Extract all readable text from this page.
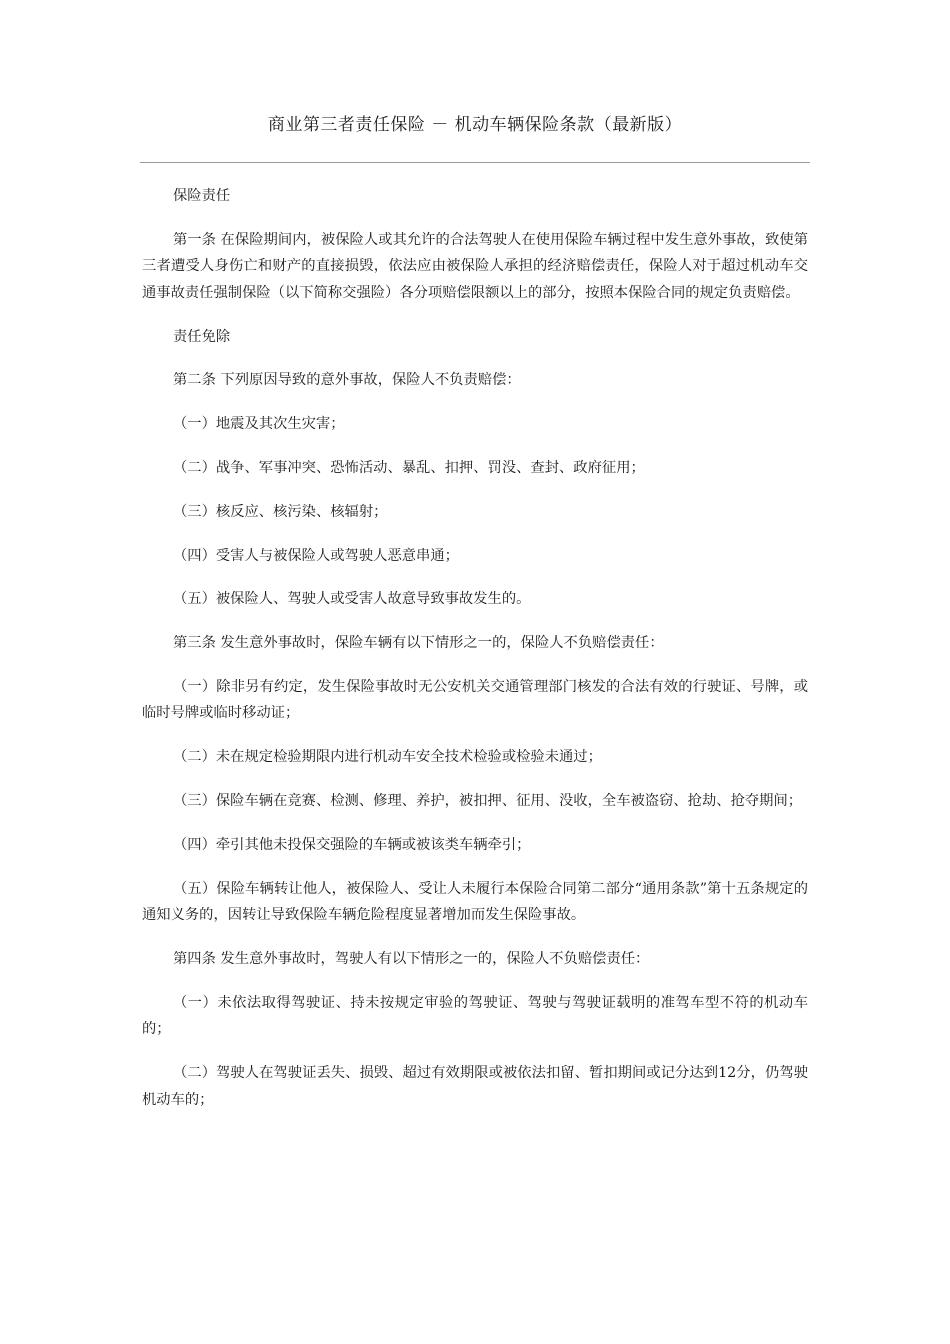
商业第三者责任保险 － 机动车辆保险条款（最新版）

保险责任

第一条 在保险期间内，被保险人或其允许的合法驾驶人在使用保险车辆过程中发生意外事故，致使第三者遭受人身伤亡和财产的直接损毁，依法应由被保险人承担的经济赔偿责任，保险人对于超过机动车交通事故责任强制保险（以下简称交强险）各分项赔偿限额以上的部分，按照本保险合同的规定负责赔偿。

责任免除

第二条 下列原因导致的意外事故，保险人不负责赔偿：

（一）地震及其次生灾害；

（二）战争、军事冲突、恐怖活动、暴乱、扣押、罚没、查封、政府征用；

（三）核反应、核污染、核辐射；

（四）受害人与被保险人或驾驶人恶意串通；

（五）被保险人、驾驶人或受害人故意导致事故发生的。

第三条 发生意外事故时，保险车辆有以下情形之一的，保险人不负赔偿责任：

（一）除非另有约定，发生保险事故时无公安机关交通管理部门核发的合法有效的行驶证、号牌，或临时号牌或临时移动证；

（二）未在规定检验期限内进行机动车安全技术检验或检验未通过；

（三）保险车辆在竞赛、检测、修理、养护，被扣押、征用、没收，全车被盗窃、抢劫、抢夺期间；

（四）牵引其他未投保交强险的车辆或被该类车辆牵引；

（五）保险车辆转让他人，被保险人、受让人未履行本保险合同第二部分“通用条款”第十五条规定的通知义务的，因转让导致保险车辆危险程度显著增加而发生保险事故。

第四条 发生意外事故时，驾驶人有以下情形之一的，保险人不负赔偿责任：

（一）未依法取得驾驶证、持未按规定审验的驾驶证、驾驶与驾驶证载明的准驾车型不符的机动车的；

（二）驾驶人在驾驶证丢失、损毁、超过有效期限或被依法扣留、暂扣期间或记分达到12分，仍驾驶机动车的；
